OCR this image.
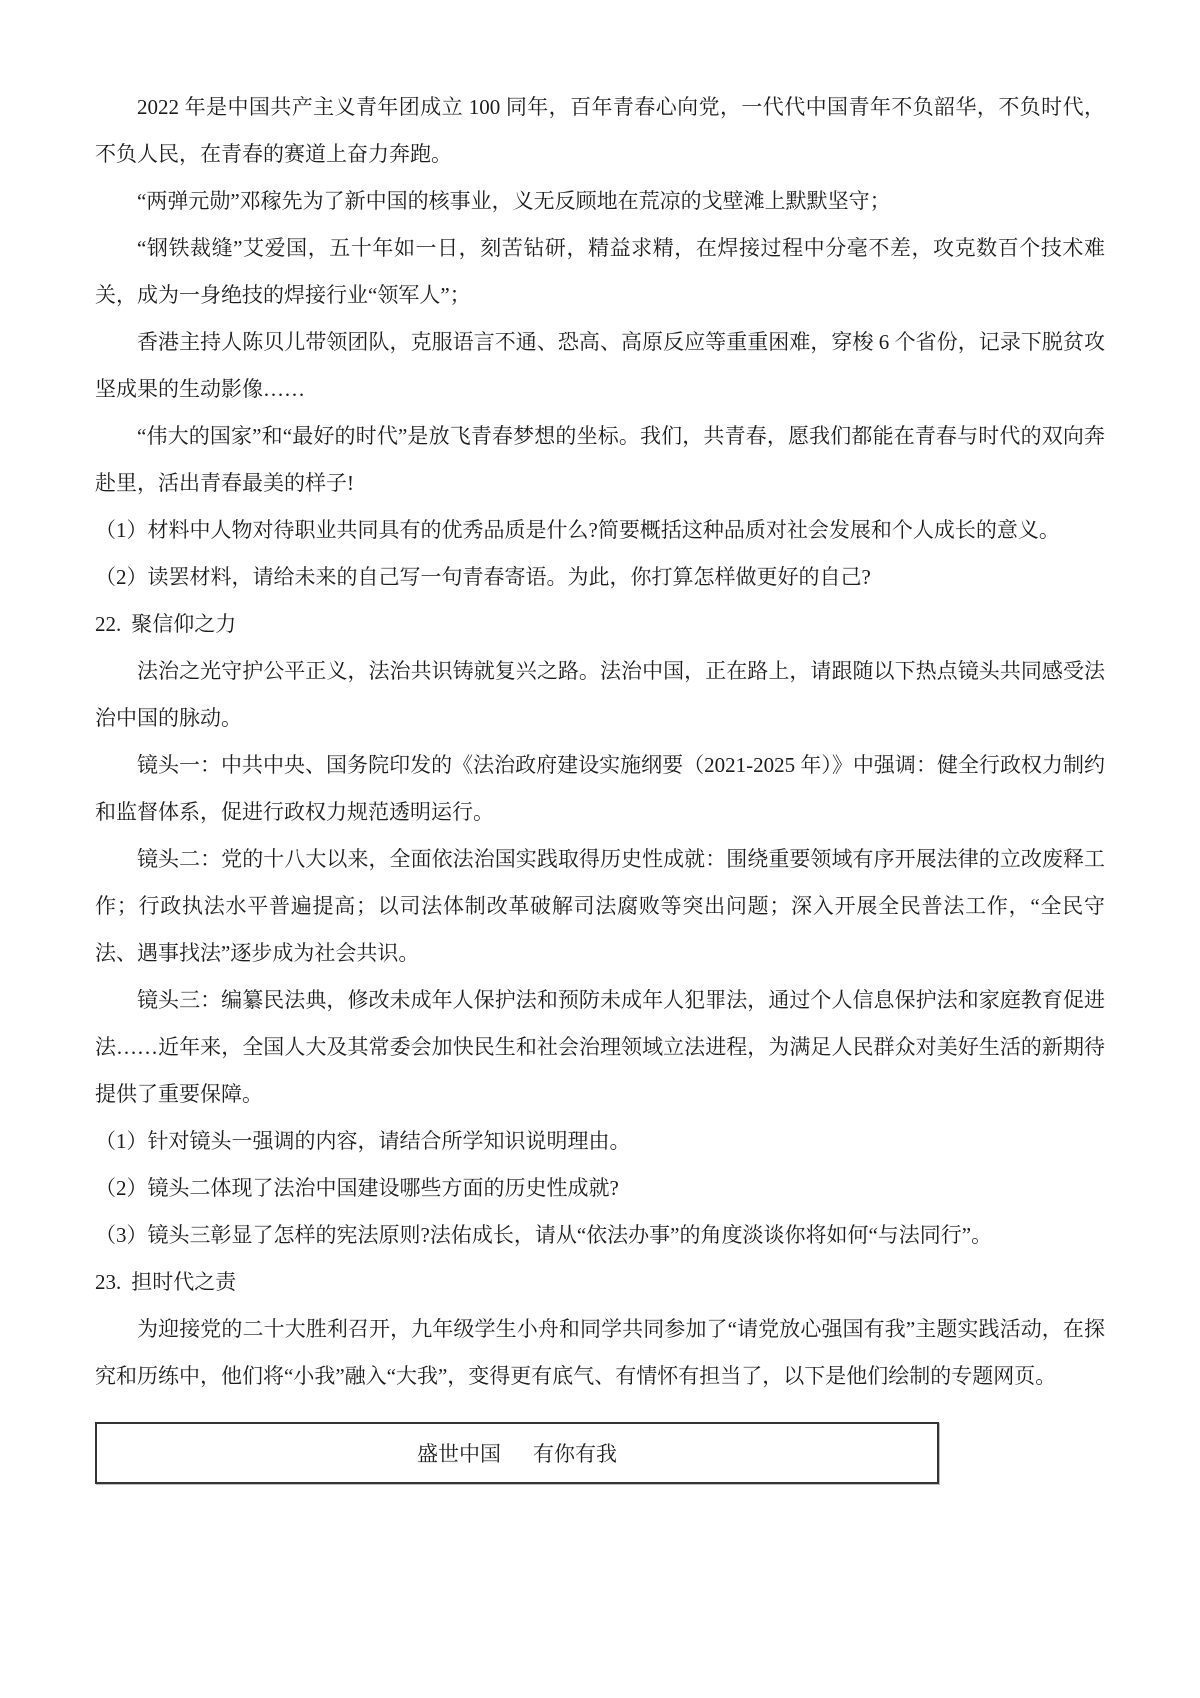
2022 年是中国共产主义青年团成立 100 同年，百年青春心向党，一代代中国青年不负韶华，不负时代，不负人民，在青春的赛道上奋力奔跑。

“两弹元勋”邓稼先为了新中国的核事业，义无反顾地在荒凉的戈壁滩上默默坚守；

“钢铁裁缝”艾爱国，五十年如一日，刻苦钻研，精益求精，在焊接过程中分毫不差，攻克数百个技术难关，成为一身绝技的焊接行业“领军人”；

香港主持人陈贝儿带领团队，克服语言不通、恐高、高原反应等重重困难，穿梭 6 个省份，记录下脱贫攻坚成果的生动影像……

“伟大的国家”和“最好的时代”是放飞青春梦想的坐标。我们，共青春，愿我们都能在青春与时代的双向奔赴里，活出青春最美的样子!

（1）材料中人物对待职业共同具有的优秀品质是什么?简要概括这种品质对社会发展和个人成长的意义。

（2）读罢材料，请给未来的自己写一句青春寄语。为此，你打算怎样做更好的自己?

22. 聚信仰之力

法治之光守护公平正义，法治共识铸就复兴之路。法治中国，正在路上，请跟随以下热点镜头共同感受法治中国的脉动。

镜头一：中共中央、国务院印发的《法治政府建设实施纲要（2021-2025 年）》中强调：健全行政权力制约和监督体系，促进行政权力规范透明运行。

镜头二：党的十八大以来，全面依法治国实践取得历史性成就：围绕重要领域有序开展法律的立改废释工作；行政执法水平普遍提高；以司法体制改革破解司法腐败等突出问题；深入开展全民普法工作，“全民守法、遇事找法”逐步成为社会共识。

镜头三：编纂民法典，修改未成年人保护法和预防未成年人犯罪法，通过个人信息保护法和家庭教育促进法……近年来，全国人大及其常委会加快民生和社会治理领域立法进程，为满足人民群众对美好生活的新期待提供了重要保障。

（1）针对镜头一强调的内容，请结合所学知识说明理由。

（2）镜头二体现了法治中国建设哪些方面的历史性成就?

（3）镜头三彰显了怎样的宪法原则?法佑成长，请从“依法办事”的角度淡谈你将如何“与法同行”。

23. 担时代之责

为迎接党的二十大胜利召开，九年级学生小舟和同学共同参加了“请党放心强国有我”主题实践活动，在探究和历练中，他们将“小我”融入“大我”，变得更有底气、有情怀有担当了，以下是他们绘制的专题网页。

盛世中国 有你有我
